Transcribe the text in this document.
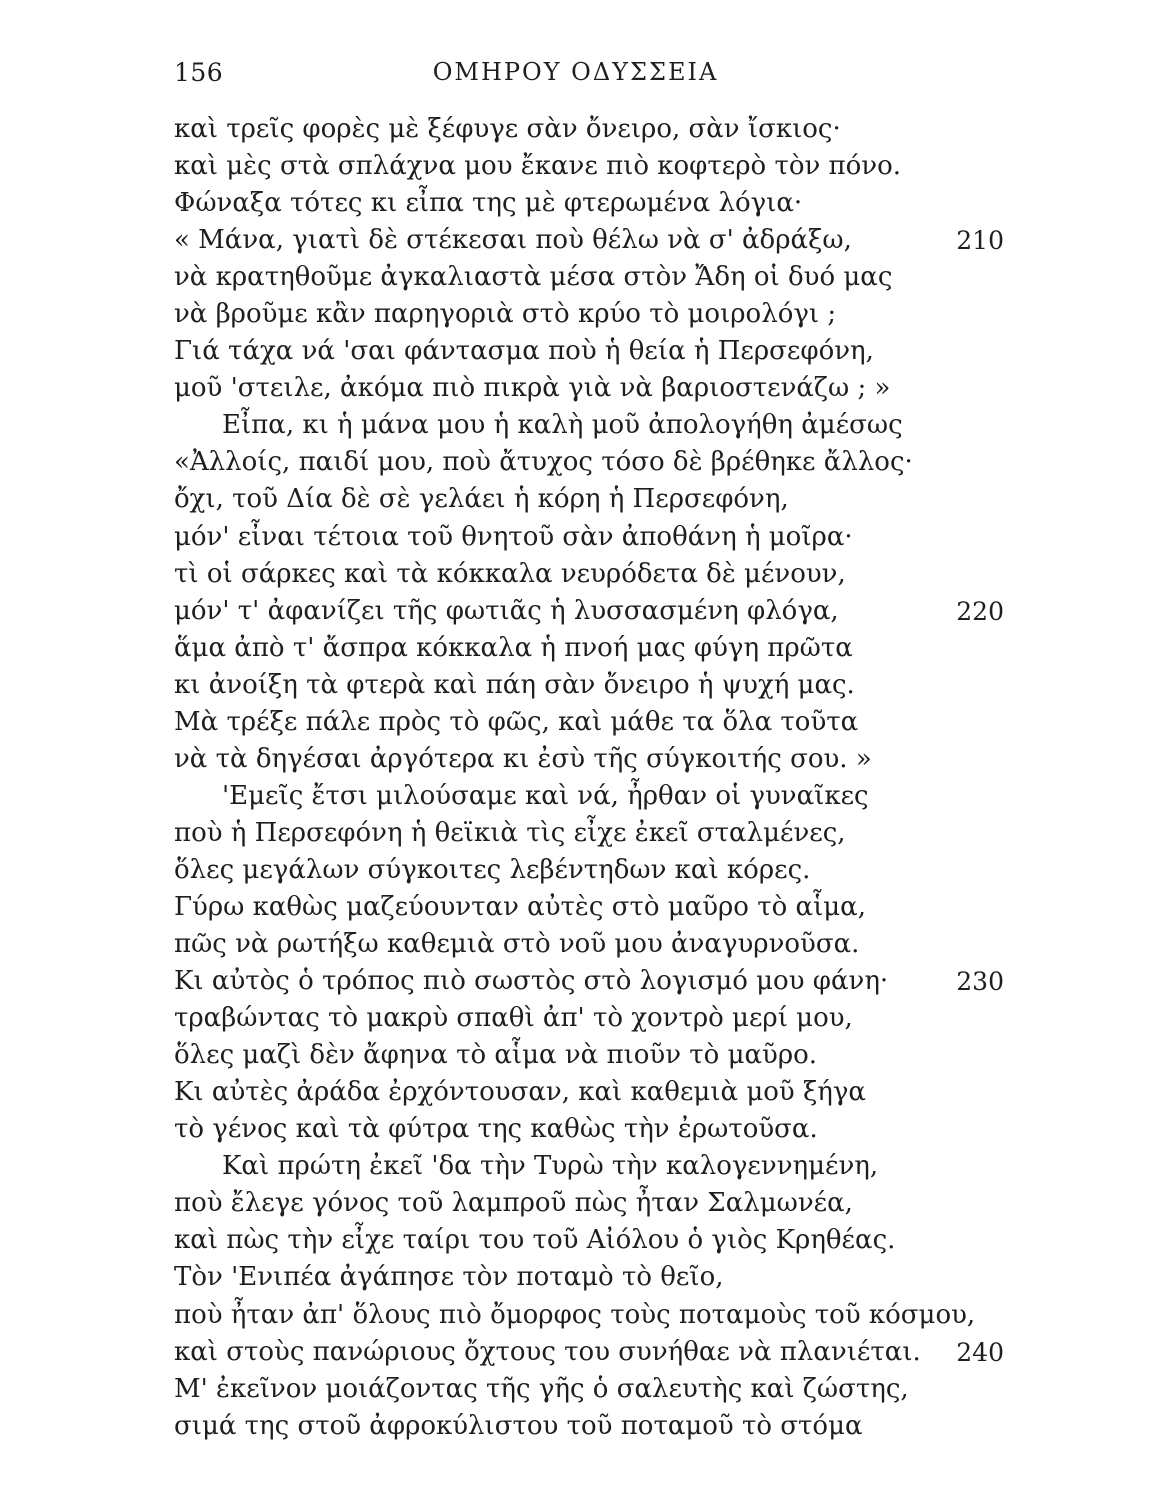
156	ΟΜΗΡΟΥ ΟΔΥΣΣΕΙΑ
καὶ τρεῖς φορὲς μὲ ξέφυγε σὰν ὄνειρο, σὰν ἴσκιος·
καὶ μὲς στὰ σπλάχνα μου ἔκανε πιὸ κοφτερὸ τὸν πόνο.
Φώναξα τότες κι εἶπα της μὲ φτερωμένα λόγια·
« Μάνα, γιατὶ δὲ στέκεσαι ποὺ θέλω νὰ σ' ἀδράξω,	210
νὰ κρατηθοῦμε ἀγκαλιαστὰ μέσα στὸν Ἄδη οἱ δυό μας
νὰ βροῦμε κἂν παρηγοριὰ στὸ κρύο τὸ μοιρολόγι ;
Γιά τάχα νά 'σαι φάντασμα ποὺ ἡ θεία ἡ Περσεφόνη,
μοῦ 'στειλε, ἀκόμα πιὸ πικρὰ γιὰ νὰ βαριοστενάζω ; »
Εἶπα, κι ἡ μάνα μου ἡ καλὴ μοῦ ἀπολογήθη ἀμέσως
«Ἀλλοίς, παιδί μου, ποὺ ἄτυχος τόσο δὲ βρέθηκε ἄλλος·
ὄχι, τοῦ Δία δὲ σὲ γελάει ἡ κόρη ἡ Περσεφόνη,
μόν' εἶναι τέτοια τοῦ θνητοῦ σὰν ἀποθάνη ἡ μοῖρα·
τὶ οἱ σάρκες καὶ τὰ κόκκαλα νευρόδετα δὲ μένουν,
μόν' τ' ἀφανίζει τῆς φωτιᾶς ἡ λυσσασμένη φλόγα,	220
ἅμα ἀπὸ τ' ἄσπρα κόκκαλα ἡ πνοή μας φύγη πρῶτα
κι ἀνοίξη τὰ φτερὰ καὶ πάη σὰν ὄνειρο ἡ ψυχή μας.
Μὰ τρέξε πάλε πρὸς τὸ φῶς, καὶ μάθε τα ὅλα τοῦτα
νὰ τὰ δηγέσαι ἀργότερα κι ἐσὺ τῆς σύγκοιτής σου. »
'Εμεῖς ἔτσι μιλούσαμε καὶ νά, ἦρθαν οἱ γυναῖκες
ποὺ ἡ Περσεφόνη ἡ θεϊκιὰ τὶς εἶχε ἐκεῖ σταλμένες,
ὅλες μεγάλων σύγκοιτες λεβέντηδων καὶ κόρες.
Γύρω καθὼς μαζεύουνταν αὐτὲς στὸ μαῦρο τὸ αἷμα,
πῶς νὰ ρωτήξω καθεμιὰ στὸ νοῦ μου ἀναγυρνοῦσα.
Κι αὐτὸς ὁ τρόπος πιὸ σωστὸς στὸ λογισμό μου φάνη·	230
τραβώντας τὸ μακρὺ σπαθὶ ἀπ' τὸ χοντρὸ μερί μου,
ὅλες μαζὶ δὲν ἄφηνα τὸ αἷμα νὰ πιοῦν τὸ μαῦρο.
Κι αὐτὲς ἀράδα ἐρχόντουσαν, καὶ καθεμιὰ μοῦ ξήγα
τὸ γένος καὶ τὰ φύτρα της καθὼς τὴν ἐρωτοῦσα.
Καὶ πρώτη ἐκεῖ 'δα τὴν Τυρὼ τὴν καλογεννημένη,
ποὺ ἔλεγε γόνος τοῦ λαμπροῦ πὼς ἦταν Σαλμωνέα,
καὶ πὼς τὴν εἶχε ταίρι του τοῦ Αἰόλου ὁ γιὸς Κρηθέας.
Τὸν 'Ενιπέα ἀγάπησε τὸν ποταμὸ τὸ θεῖο,
ποὺ ἦταν ἀπ' ὅλους πιὸ ὄμορφος τοὺς ποταμοὺς τοῦ κόσμου,
καὶ στοὺς πανώριους ὄχτους του συνήθαε νὰ πλανιέται. 240
Μ' ἐκεῖνον μοιάζοντας τῆς γῆς ὁ σαλευτὴς καὶ ζώστης,
σιμά της στοῦ ἀφροκύλιστου τοῦ ποταμοῦ τὸ στόμα
